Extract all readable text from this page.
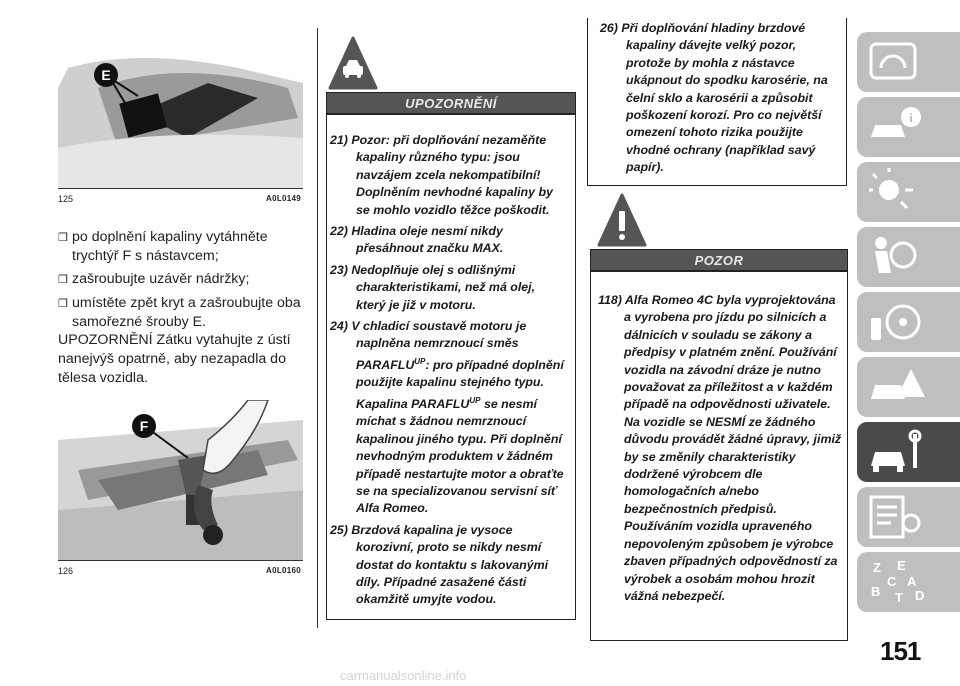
E
125	A0L0149
❒ po doplnění kapaliny vytáhněte trychtýř F s nástavcem;
❒ zašroubujte uzávěr nádržky;
❒ umístěte zpět kryt a zašroubujte oba samořezné šrouby E.
UPOZORNĚNÍ Zátku vytahujte z ústí nanejvýš opatrně, aby nezapadla do tělesa vozidla.
F
126	A0L0160
UPOZORNĚNÍ
21) Pozor: při doplňování nezaměňte kapaliny různého typu: jsou navzájem zcela nekompatibilní! Doplněním nevhodné kapaliny by se mohlo vozidlo těžce poškodit.
22) Hladina oleje nesmí nikdy přesáhnout značku MAX.
23) Nedoplňuje olej s odlišnými charakteristikami, než má olej, který je již v motoru.
24) V chladicí soustavě motoru je naplněna nemrznoucí směs $PARAFLU^{UP}$: pro případné doplnění použijte kapalinu stejného typu. Kapalina $PARAFLU^{UP}$ se nesmí míchat s žádnou nemrznoucí kapalinou jiného typu. Při doplnění nevhodným produktem v žádném případě nestartujte motor a obraťte se na specializovanou servisní síť Alfa Romeo.
25) Brzdová kapalina je vysoce korozivní, proto se nikdy nesmí dostat do kontaktu s lakovanými díly. Případné zasažené části okamžitě umyjte vodou.
26) Při doplňování hladiny brzdové kapaliny dávejte velký pozor, protože by mohla z nástavce ukápnout do spodku karosérie, na čelní sklo a karosérii a způsobit poškození korozí. Pro co největší omezení tohoto rizika použijte vhodné ochrany (například savý papír).
POZOR
118) Alfa Romeo 4C byla vyprojektována a vyrobena pro jízdu po silnicích a dálnicích v souladu se zákony a předpisy v platném znění. Používání vozidla na závodní dráze je nutno považovat za příležitost a v každém případě na odpovědnosti uživatele. Na vozidle se NESMÍ ze žádného důvodu provádět žádné úpravy, jimiž by se změnily charakteristiky dodržené výrobcem dle homologačních a/nebo bezpečnostních předpisů. Používáním vozidla upraveného nepovoleným způsobem je výrobce zbaven případných odpovědností za výrobek a osobám mohou hrozit vážná nebezpečí.
i
Z E
C A
B T D
151
carmanualsonline.info
